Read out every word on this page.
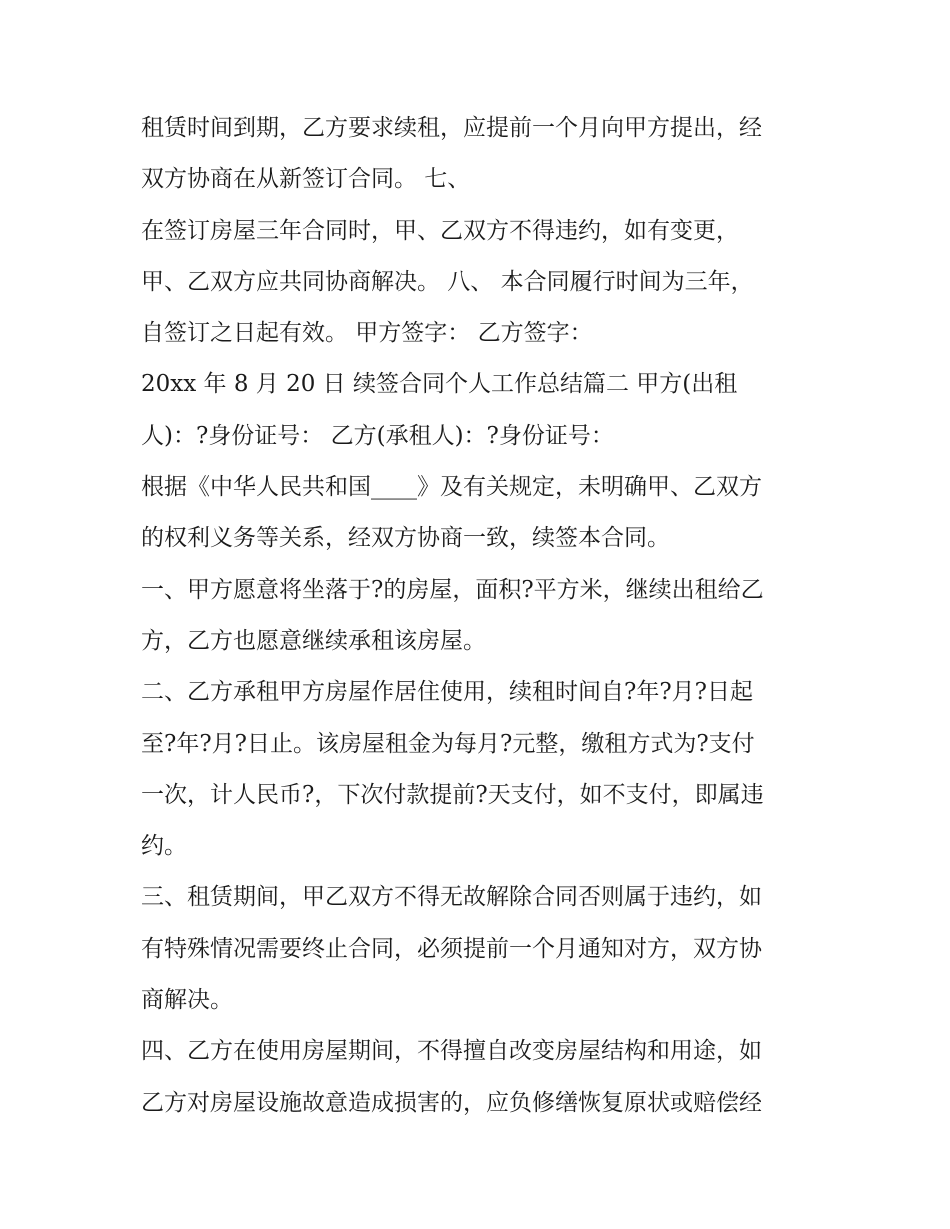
租赁时间到期，乙方要求续租，应提前一个月向甲方提出，经
双方协商在从新签订合同。 七、
在签订房屋三年合同时，甲、乙双方不得违约，如有变更，
甲、乙双方应共同协商解决。 八、 本合同履行时间为三年，
自签订之日起有效。 甲方签字： 乙方签字：
20xx 年 8 月 20 日 续签合同个人工作总结篇二 甲方(出租
人)：?身份证号： 乙方(承租人)：?身份证号：
根据《中华人民共和国____》及有关规定，未明确甲、乙双方
的权利义务等关系，经双方协商一致，续签本合同。
一、甲方愿意将坐落于?的房屋，面积?平方米，继续出租给乙
方，乙方也愿意继续承租该房屋。
二、乙方承租甲方房屋作居住使用，续租时间自?年?月?日起
至?年?月?日止。该房屋租金为每月?元整，缴租方式为?支付
一次，计人民币?，下次付款提前?天支付，如不支付，即属违
约。
三、租赁期间，甲乙双方不得无故解除合同否则属于违约，如
有特殊情况需要终止合同，必须提前一个月通知对方，双方协
商解决。
四、乙方在使用房屋期间，不得擅自改变房屋结构和用途，如
乙方对房屋设施故意造成损害的，应负修缮恢复原状或赔偿经
